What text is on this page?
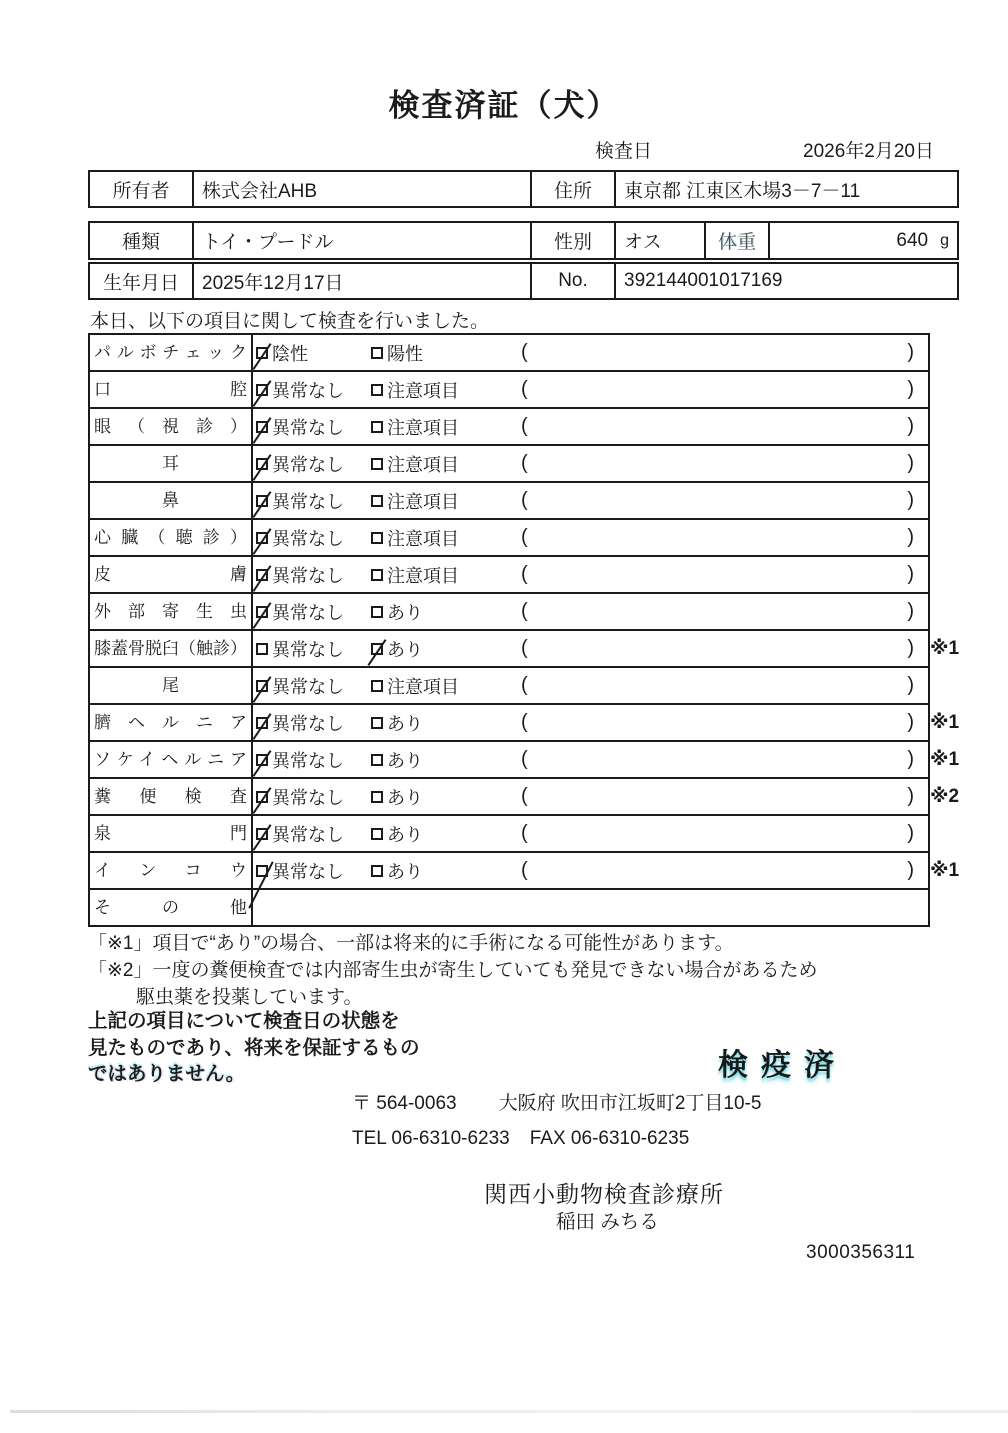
検査済証（犬）
検査日	2026年2月20日
所有者	株式会社AHB	住所	東京都 江東区木場3－7－11
種類	トイ・プードル	性別	オス	体重	640 g
生年月日	2025年12月17日	No.	392144001017169
本日、以下の項目に関して検査を行いました。
パルボチェック	陰性	陽性	(	)
口腔	異常なし 注意項目	(	)
眼（視診）	異常なし 注意項目	(	)
耳	異常なし 注意項目	(	)
鼻	異常なし 注意項目	(	)
心臓（聴診）	異常なし 注意項目	(	)
皮膚	異常なし 注意項目	(	)
外部寄生虫	異常なし あり	(	)
膝蓋骨脱臼（触診）	異常なし あり	(	) ※1
尾	異常なし 注意項目	(	)
臍ヘルニア	異常なし あり	(	) ※1
ソケイヘルニア	異常なし あり	(	) ※1
糞便検査	異常なし あり	(	) ※2
泉門	異常なし あり	(	)
インコウ	異常なし あり	(	) ※1
その他
「※1」項目で“あり”の場合、一部は将来的に手術になる可能性があります。
「※2」一度の糞便検査では内部寄生虫が寄生していても発見できない場合があるため
駆虫薬を投薬しています。
上記の項目について検査日の状態を
見たものであり、将来を保証するもの
ではありません。	検疫済
〒 564-0063 大阪府 吹田市江坂町2丁目10-5
TEL 06-6310-6233 FAX 06-6310-6235
関西小動物検査診療所
稲田 みちる
3000356311
